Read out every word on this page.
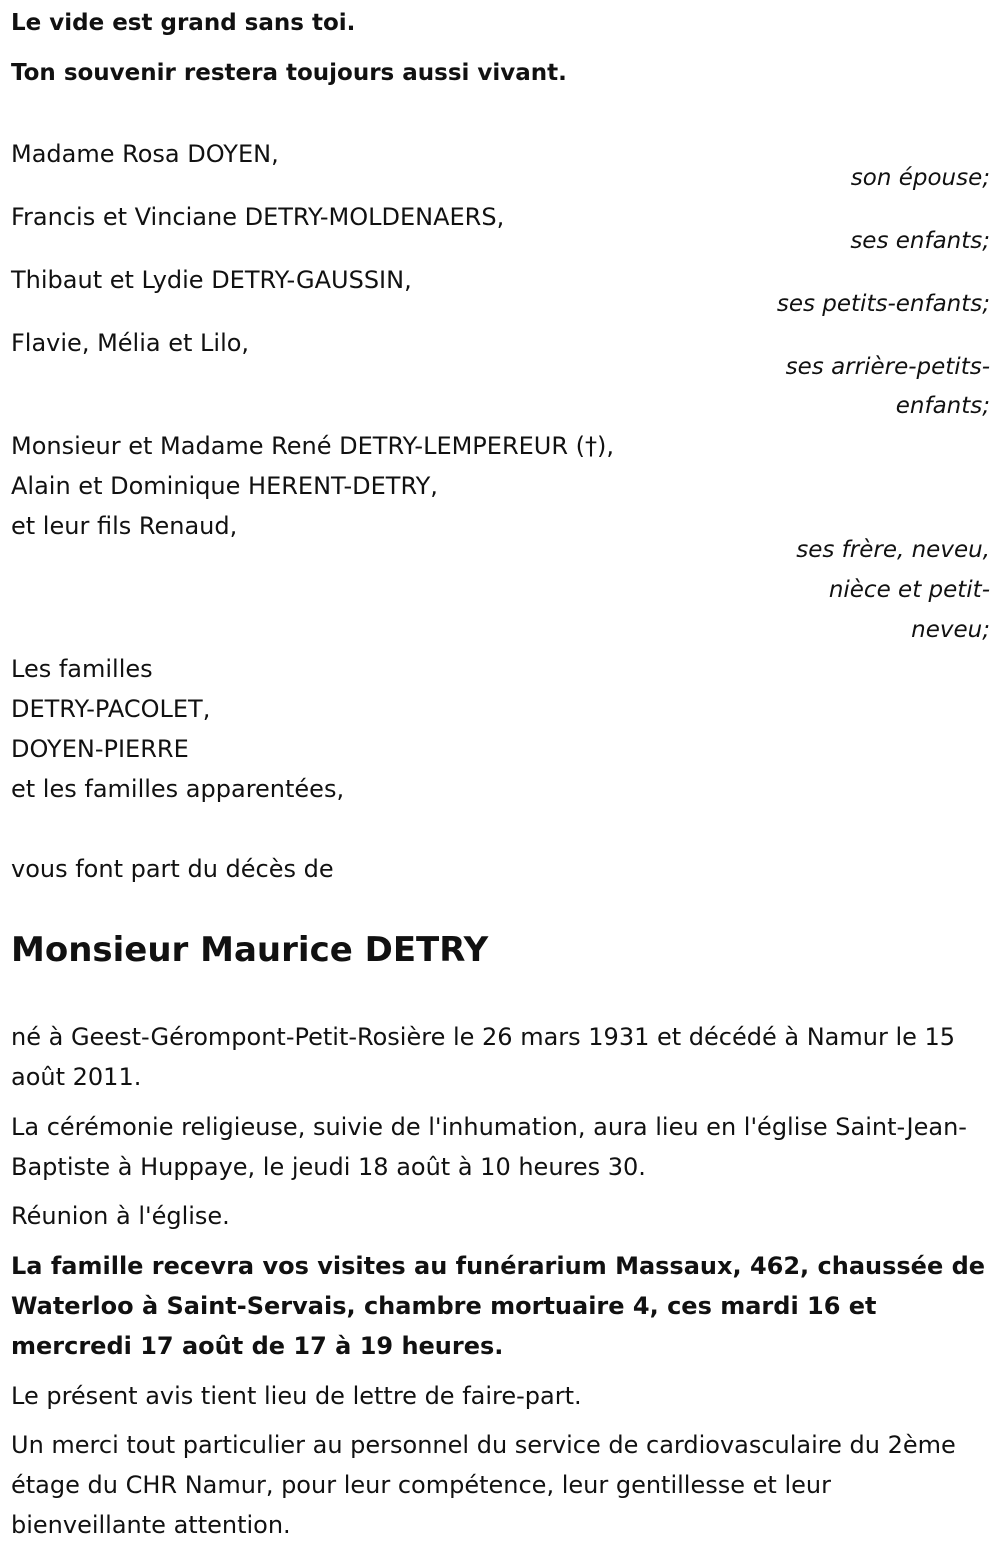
Le vide est grand sans toi.
Ton souvenir restera toujours aussi vivant.
Madame Rosa DOYEN,
son épouse;
Francis et Vinciane DETRY-MOLDENAERS,
ses enfants;
Thibaut et Lydie DETRY-GAUSSIN,
ses petits-enfants;
Flavie, Mélia et Lilo,
ses arrière-petits-
enfants;
Monsieur et Madame René DETRY-LEMPEREUR (†),
Alain et Dominique HERENT-DETRY,
et leur fils Renaud,
ses frère, neveu,
nièce et petit-
neveu;
Les familles
DETRY-PACOLET,
DOYEN-PIERRE
et les familles apparentées,
vous font part du décès de
Monsieur Maurice DETRY
né à Geest-Gérompont-Petit-Rosière le 26 mars 1931 et décédé à Namur le 15 août 2011.
La cérémonie religieuse, suivie de l'inhumation, aura lieu en l'église Saint-Jean-Baptiste à Huppaye, le jeudi 18 août à 10 heures 30.
Réunion à l'église.
La famille recevra vos visites au funérarium Massaux, 462, chaussée de Waterloo à Saint-Servais, chambre mortuaire 4, ces mardi 16 et mercredi 17 août de 17 à 19 heures.
Le présent avis tient lieu de lettre de faire-part.
Un merci tout particulier au personnel du service de cardiovasculaire du 2ème étage du CHR Namur, pour leur compétence, leur gentillesse et leur bienveillante attention.
